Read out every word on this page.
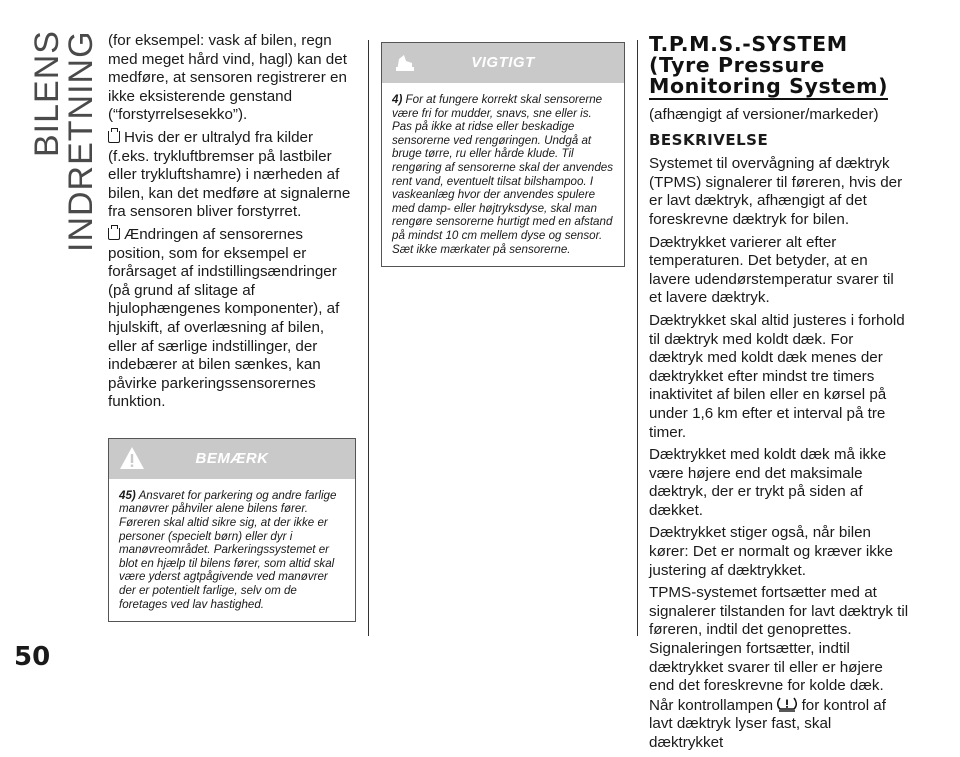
BILENS INDRETNING
50

(for eksempel: vask af bilen, regn med meget hård vind, hagl) kan det medføre, at sensoren registrerer en ikke eksisterende genstand (“forstyrrelsesekko”).

Hvis der er ultralyd fra kilder (f.eks. trykluftbremser på lastbiler eller trykluftshamre) i nærheden af bilen, kan det medføre at signalerne fra sensoren bliver forstyrret.

Ændringen af sensorernes position, som for eksempel er forårsaget af indstillingsændringer (på grund af slitage af hjulophængenes komponenter), af hjulskift, af overlæsning af bilen, eller af særlige indstillinger, der indebærer at bilen sænkes, kan påvirke parkeringssensorernes funktion.

BEMÆRK
45) Ansvaret for parkering og andre farlige manøvrer påhviler alene bilens fører. Føreren skal altid sikre sig, at der ikke er personer (specielt børn) eller dyr i manøvreområdet. Parkeringssystemet er blot en hjælp til bilens fører, som altid skal være yderst agtpågivende ved manøvrer der er potentielt farlige, selv om de foretages ved lav hastighed.
VIGTIGT
4) For at fungere korrekt skal sensorerne være fri for mudder, snavs, sne eller is. Pas på ikke at ridse eller beskadige sensorerne ved rengøringen. Undgå at bruge tørre, ru eller hårde klude. Til rengøring af sensorerne skal der anvendes rent vand, eventuelt tilsat bilshampoo. I vaskeanlæg hvor der anvendes spulere med damp- eller højtryksdyse, skal man rengøre sensorerne hurtigt med en afstand på mindst 10 cm mellem dyse og sensor. Sæt ikke mærkater på sensorerne.
T.P.M.S.-SYSTEM
(Tyre Pressure
Monitoring System)

(afhængigt af versioner/markeder)

BESKRIVELSE

Systemet til overvågning af dæktryk (TPMS) signalerer til føreren, hvis der er lavt dæktryk, afhængigt af det foreskrevne dæktryk for bilen.

Dæktrykket varierer alt efter temperaturen. Det betyder, at en lavere udendørstemperatur svarer til et lavere dæktryk.

Dæktrykket skal altid justeres i forhold til dæktryk med koldt dæk. For dæktryk med koldt dæk menes der dæktrykket efter mindst tre timers inaktivitet af bilen eller en kørsel på under 1,6 km efter et interval på tre timer.

Dæktrykket med koldt dæk må ikke være højere end det maksimale dæktryk, der er trykt på siden af dækket.

Dæktrykket stiger også, når bilen kører: Det er normalt og kræver ikke justering af dæktrykket.

TPMS-systemet fortsætter med at signalerer tilstanden for lavt dæktryk til føreren, indtil det genoprettes. Signaleringen fortsætter, indtil dæktrykket svarer til eller er højere end det foreskrevne for kolde dæk. Når kontrollampen for kontrol af lavt dæktryk lyser fast, skal dæktrykket
